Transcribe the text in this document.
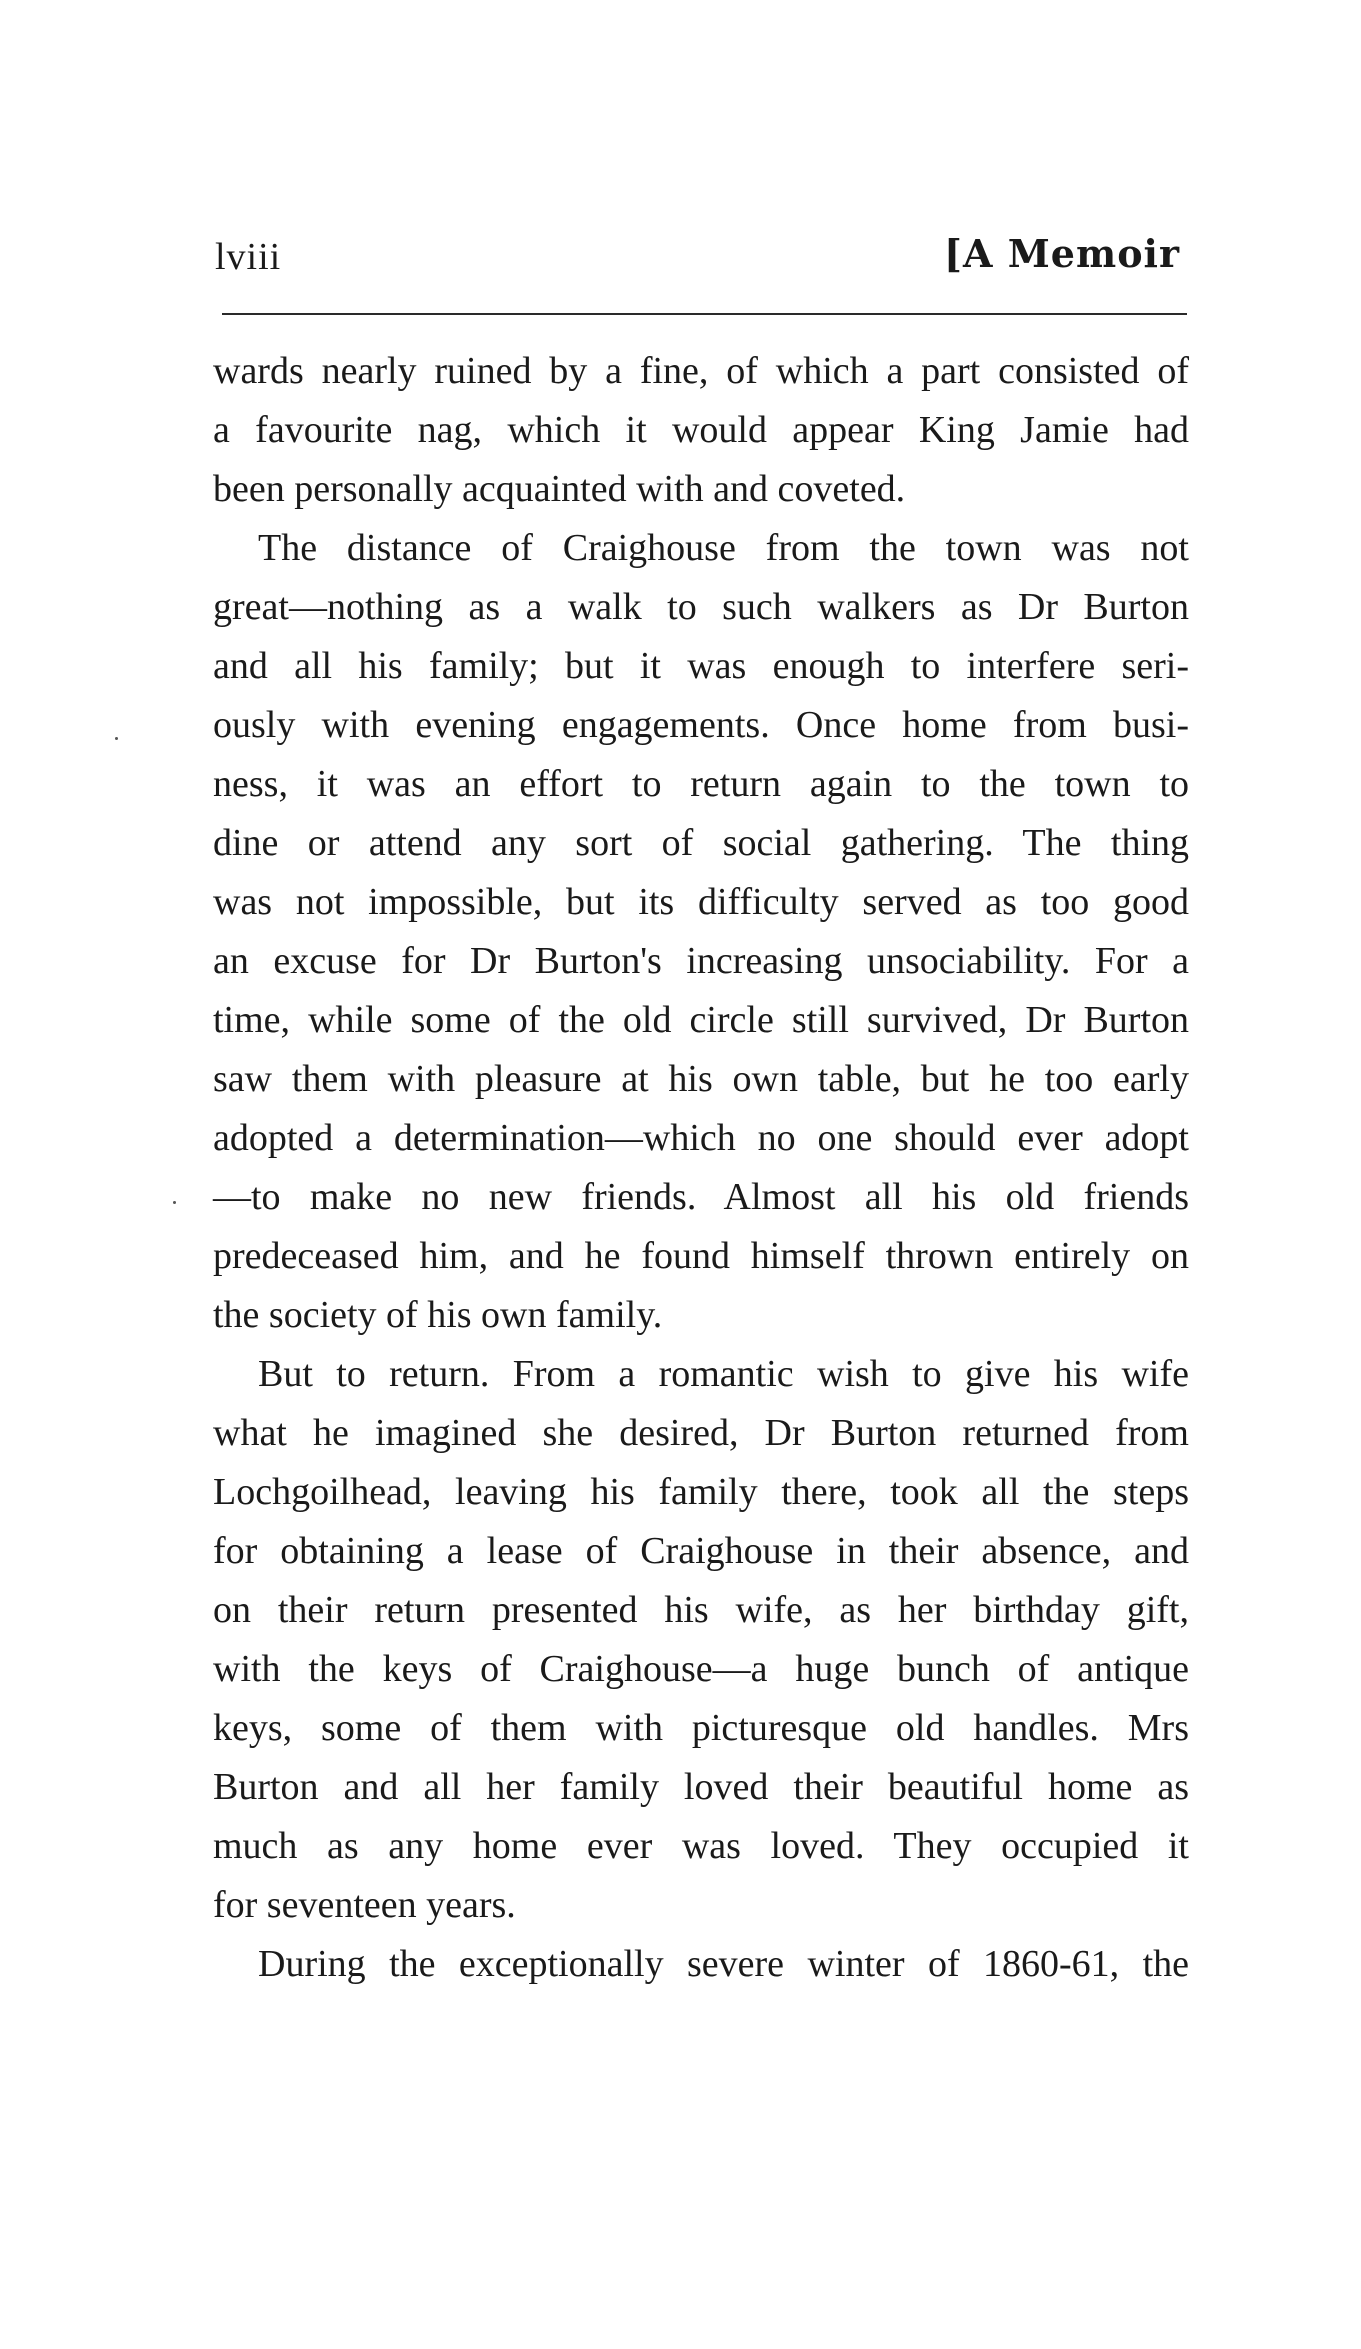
lviii	[A Memoir
wards nearly ruined by a fine, of which a part consisted of
a favourite nag, which it would appear King Jamie had
been personally acquainted with and coveted.
The distance of Craighouse from the town was not
great—nothing as a walk to such walkers as Dr Burton
and all his family; but it was enough to interfere seri-
ously with evening engagements. Once home from busi-
ness, it was an effort to return again to the town to
dine or attend any sort of social gathering. The thing
was not impossible, but its difficulty served as too good
an excuse for Dr Burton's increasing unsociability. For a
time, while some of the old circle still survived, Dr Burton
saw them with pleasure at his own table, but he too early
adopted a determination—which no one should ever adopt
—to make no new friends. Almost all his old friends
predeceased him, and he found himself thrown entirely on
the society of his own family.
But to return. From a romantic wish to give his wife
what he imagined she desired, Dr Burton returned from
Lochgoilhead, leaving his family there, took all the steps
for obtaining a lease of Craighouse in their absence, and
on their return presented his wife, as her birthday gift,
with the keys of Craighouse—a huge bunch of antique
keys, some of them with picturesque old handles. Mrs
Burton and all her family loved their beautiful home as
much as any home ever was loved. They occupied it
for seventeen years.
During the exceptionally severe winter of 1860-61, the
